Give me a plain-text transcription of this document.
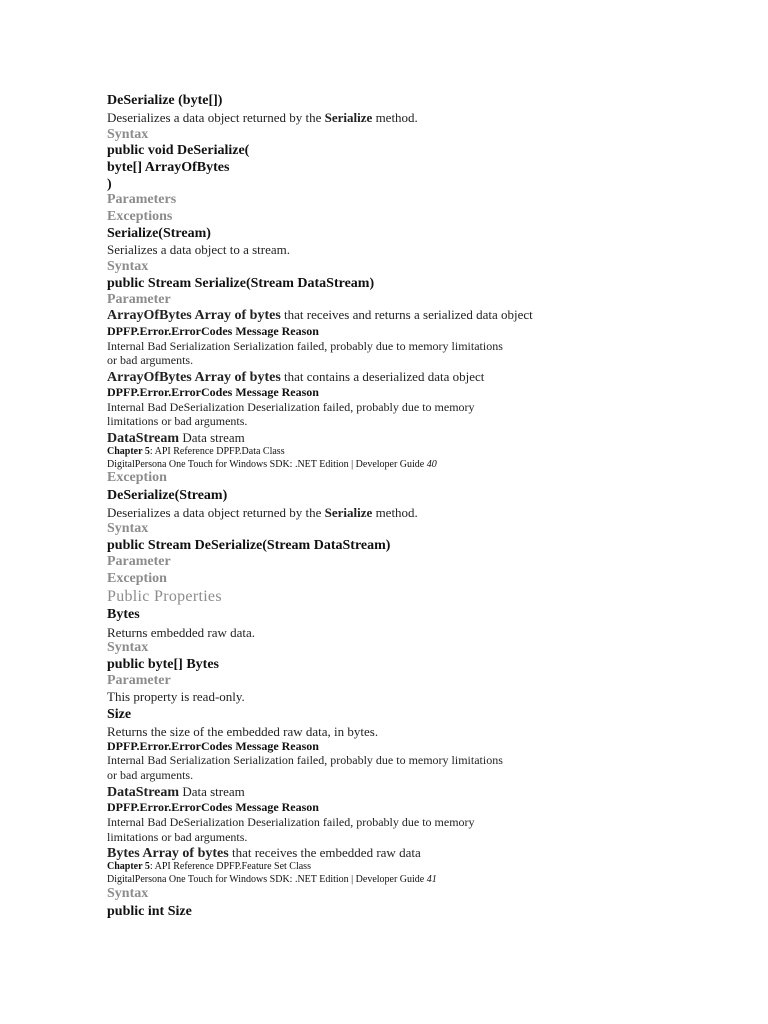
DeSerialize (byte[])
Deserializes a data object returned by the Serialize method.
Syntax
public void DeSerialize(
byte[] ArrayOfBytes
)
Parameters
Exceptions
Serialize(Stream)
Serializes a data object to a stream.
Syntax
public Stream Serialize(Stream DataStream)
Parameter
ArrayOfBytes Array of bytes that receives and returns a serialized data object
DPFP.Error.ErrorCodes Message Reason
Internal Bad Serialization Serialization failed, probably due to memory limitations
or bad arguments.
ArrayOfBytes Array of bytes that contains a deserialized data object
DPFP.Error.ErrorCodes Message Reason
Internal Bad DeSerialization Deserialization failed, probably due to memory
limitations or bad arguments.
DataStream Data stream
Chapter 5: API Reference DPFP.Data Class
DigitalPersona One Touch for Windows SDK: .NET Edition | Developer Guide 40
Exception
DeSerialize(Stream)
Deserializes a data object returned by the Serialize method.
Syntax
public Stream DeSerialize(Stream DataStream)
Parameter
Exception
Public Properties
Bytes
Returns embedded raw data.
Syntax
public byte[] Bytes
Parameter
This property is read-only.
Size
Returns the size of the embedded raw data, in bytes.
DPFP.Error.ErrorCodes Message Reason
Internal Bad Serialization Serialization failed, probably due to memory limitations
or bad arguments.
DataStream Data stream
DPFP.Error.ErrorCodes Message Reason
Internal Bad DeSerialization Deserialization failed, probably due to memory
limitations or bad arguments.
Bytes Array of bytes that receives the embedded raw data
Chapter 5: API Reference DPFP.Feature Set Class
DigitalPersona One Touch for Windows SDK: .NET Edition | Developer Guide 41
Syntax
public int Size
